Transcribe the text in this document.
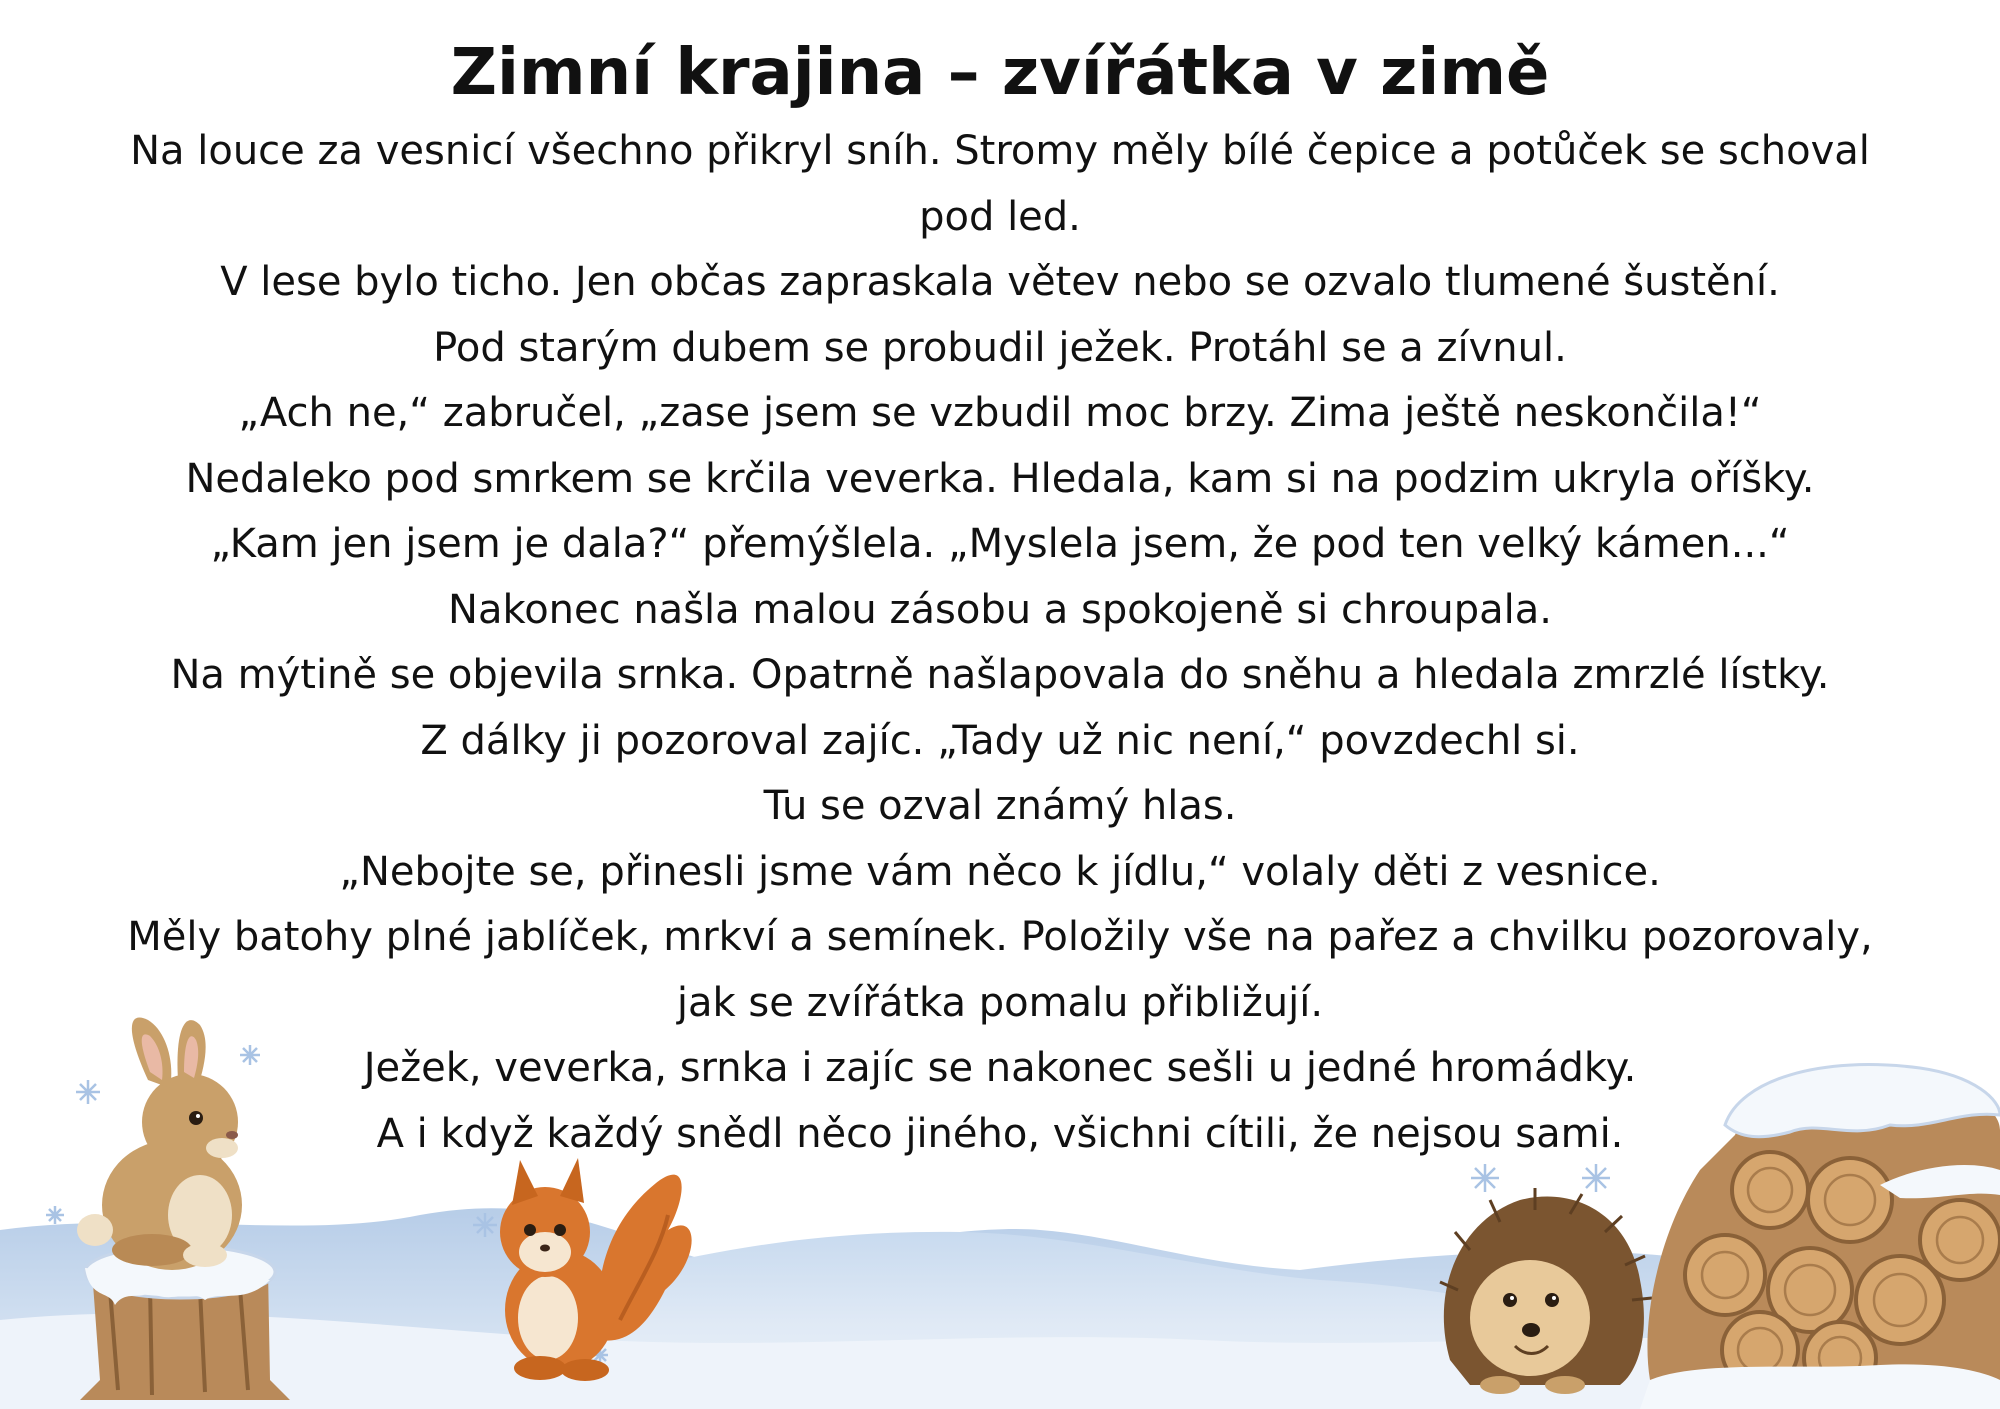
Zimní krajina – zvířátka v zimě
Na louce za vesnicí všechno přikryl sníh. Stromy měly bílé čepice a potůček se schoval
pod led.
V lese bylo ticho. Jen občas zapraskala větev nebo se ozvalo tlumené šustění.
Pod starým dubem se probudil ježek. Protáhl se a zívnul.
„Ach ne,“ zabručel, „zase jsem se vzbudil moc brzy. Zima ještě neskončila!“
Nedaleko pod smrkem se krčila veverka. Hledala, kam si na podzim ukryla oříšky.
„Kam jen jsem je dala?“ přemýšlela. „Myslela jsem, že pod ten velký kámen...“
Nakonec našla malou zásobu a spokojeně si chroupala.
Na mýtině se objevila srnka. Opatrně našlapovala do sněhu a hledala zmrzlé lístky.
Z dálky ji pozoroval zajíc. „Tady už nic není,“ povzdechl si.
Tu se ozval známý hlas.
„Nebojte se, přinesli jsme vám něco k jídlu,“ volaly děti z vesnice.
Měly batohy plné jablíček, mrkví a semínek. Položily vše na pařez a chvilku pozorovaly,
jak se zvířátka pomalu přibližují.
Ježek, veverka, srnka i zajíc se nakonec sešli u jedné hromádky.
A i když každý snědl něco jiného, všichni cítili, že nejsou sami.
